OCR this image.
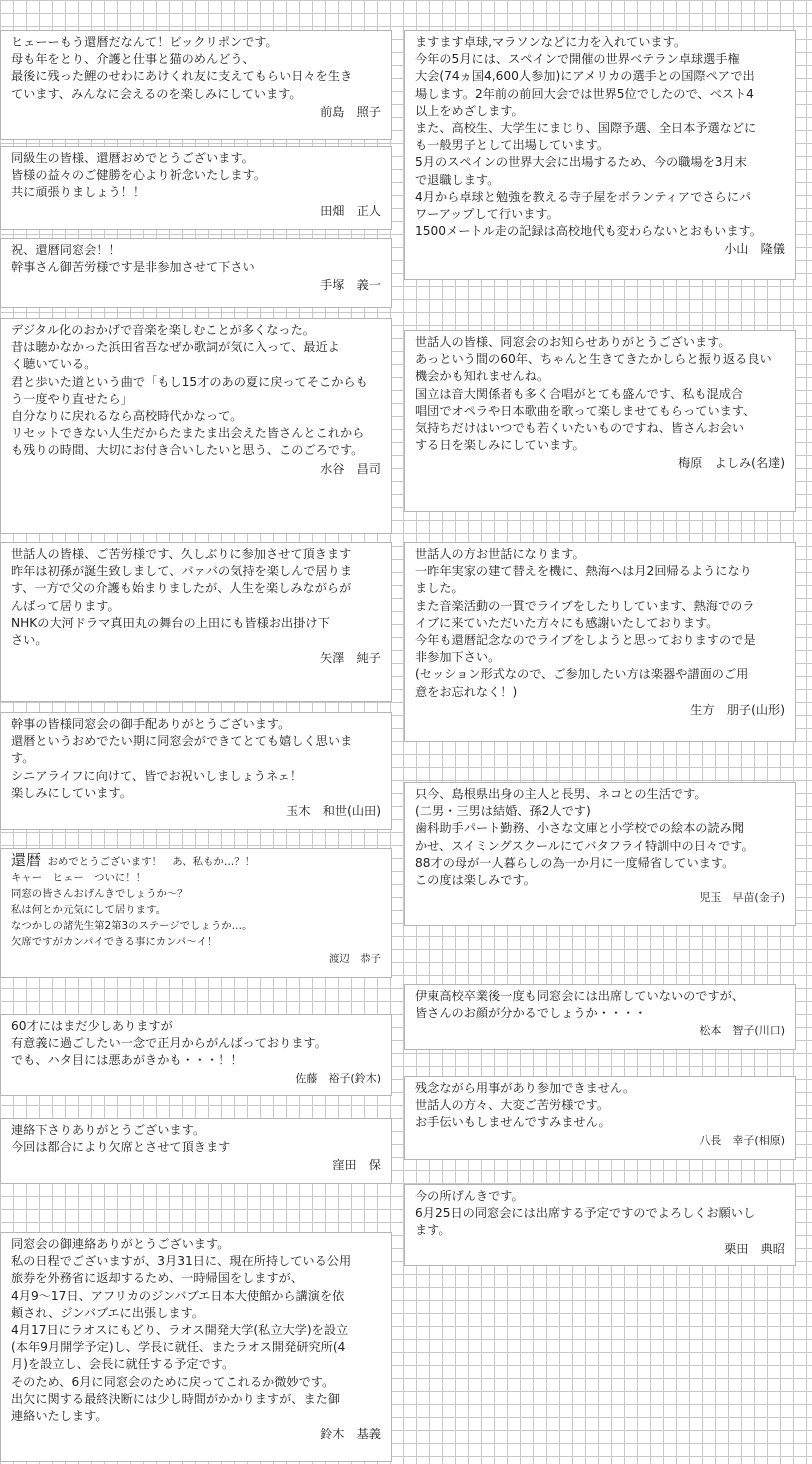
ヒェーーもう還暦だなんて！ビックリポンです。
母も年をとり、介護と仕事と猫のめんどう、
最後に残った鯉のせわにあけくれ友に支えてもらい日々を生き
ています、みんなに会えるのを楽しみにしています。
前島　照子
同級生の皆様、還暦おめでとうございます。
皆様の益々のご健勝を心より祈念いたします。
共に頑張りましょう！！
田畑　正人
祝、還暦同窓会！！
幹事さん御苦労様です是非参加させて下さい
手塚　義一
デジタル化のおかげで音楽を楽しむことが多くなった。
昔は聴かなかった浜田省吾なぜか歌詞が気に入って、最近よ
く聴いている。
君と歩いた道という曲で「もし15才のあの夏に戻ってそこからも
う一度やり直せたら」
自分なりに戻れるなら高校時代かなって。
リセットできない人生だからたまたま出会えた皆さんとこれから
も残りの時間、大切にお付き合いしたいと思う、このごろです。
水谷　昌司
世話人の皆様、ご苦労様です、久しぶりに参加させて頂きます
昨年は初孫が誕生致しまして、バァバの気持を楽しんで居りま
す、一方で父の介護も始まりましたが、人生を楽しみながらが
んばって居ります。
NHKの大河ドラマ真田丸の舞台の上田にも皆様お出掛け下
さい。
矢澤　純子
幹事の皆様同窓会の御手配ありがとうございます。
還暦というおめでたい期に同窓会ができてとても嬉しく思いま
す。
シニアライフに向けて、皆でお祝いしましょうネェ！
楽しみにしています。
玉木　和世(山田)
還暦 おめでとうございます！　あ、私もか…？！
キャー　ヒェー　ついに！！
同窓の皆さんおげんきでしょうか～？
私は何とか元気にして居ります。
なつかしの諸先生第2第3のステージでしょうか…。
欠席ですがカンパイできる事にカンパ～イ！
渡辺　恭子
60才にはまだ少しありますが
有意義に過ごしたい一念で正月からがんばっております。
でも、ハタ目には悪あがきかも・・・！！
佐藤　裕子(鈴木)
連絡下さりありがとうございます。
今回は都合により欠席とさせて頂きます
窪田　保
同窓会の御連絡ありがとうございます。
私の日程でございますが、3月31日に、現在所持している公用
旅券を外務省に返却するため、一時帰国をしますが、
4月9～17日、アフリカのジンバブエ日本大使館から講演を依
頼され、ジンバブエに出張します。
4月17日にラオスにもどり、ラオス開発大学(私立大学)を設立
(本年9月開学予定)し、学長に就任、またラオス開発研究所(4
月)を設立し、会長に就任する予定です。
そのため、6月に同窓会のために戻ってこれるか微妙です。
出欠に関する最終決断には少し時間がかかりますが、また御
連絡いたします。
鈴木　基義
ますます卓球,マラソンなどに力を入れています。
今年の5月には、スペインで開催の世界ベテラン卓球選手権
大会(74ヵ国4,600人参加)にアメリカの選手との国際ペアで出
場します。2年前の前回大会では世界5位でしたので、ベスト4
以上をめざします。
また、高校生、大学生にまじり、国際予選、全日本予選などに
も一般男子として出場しています。
5月のスペインの世界大会に出場するため、今の職場を3月末
で退職します。
4月から卓球と勉強を教える寺子屋をボランティアでさらにパ
ワーアップして行います。
1500メートル走の記録は高校地代も変わらないとおもいます。
小山　隆儀
世話人の皆様、同窓会のお知らせありがとうございます。
あっという間の60年、ちゃんと生きてきたかしらと振り返る良い
機会かも知れませんね。
国立は音大関係者も多く合唱がとても盛んです、私も混成合
唱団でオペラや日本歌曲を歌って楽しませてもらっています、
気持ちだけはいつでも若くいたいものですね、皆さんお会い
する日を楽しみにしています。
梅原　よしみ(名達)
世話人の方お世話になります。
一昨年実家の建て替えを機に、熱海へは月2回帰るようになり
ました。
また音楽活動の一貫でライブをしたりしています、熱海でのラ
イブに来ていただいた方々にも感謝いたしております。
今年も還暦記念なのでライブをしようと思っておりますので是
非参加下さい。
(セッション形式なので、ご参加したい方は楽器や譜面のご用
意をお忘れなく！)
生方　朋子(山形)
只今、島根県出身の主人と長男、ネコとの生活です。
(二男・三男は結婚、孫2人です)
歯科助手パート勤務、小さな文庫と小学校での絵本の読み聞
かせ、スイミングスクールにてバタフライ特訓中の日々です。
88才の母が一人暮らしの為一か月に一度帰省しています。
この度は楽しみです。
児玉　早苗(金子)
伊東高校卒業後一度も同窓会には出席していないのですが、
皆さんのお顔が分かるでしょうか・・・・
松本　智子(川口)
残念ながら用事があり参加できません。
世話人の方々、大変ご苦労様です。
お手伝いもしませんですみません。
八長　幸子(相原)
今の所げんきです。
6月25日の同窓会には出席する予定ですのでよろしくお願いし
ます。
栗田　典昭
